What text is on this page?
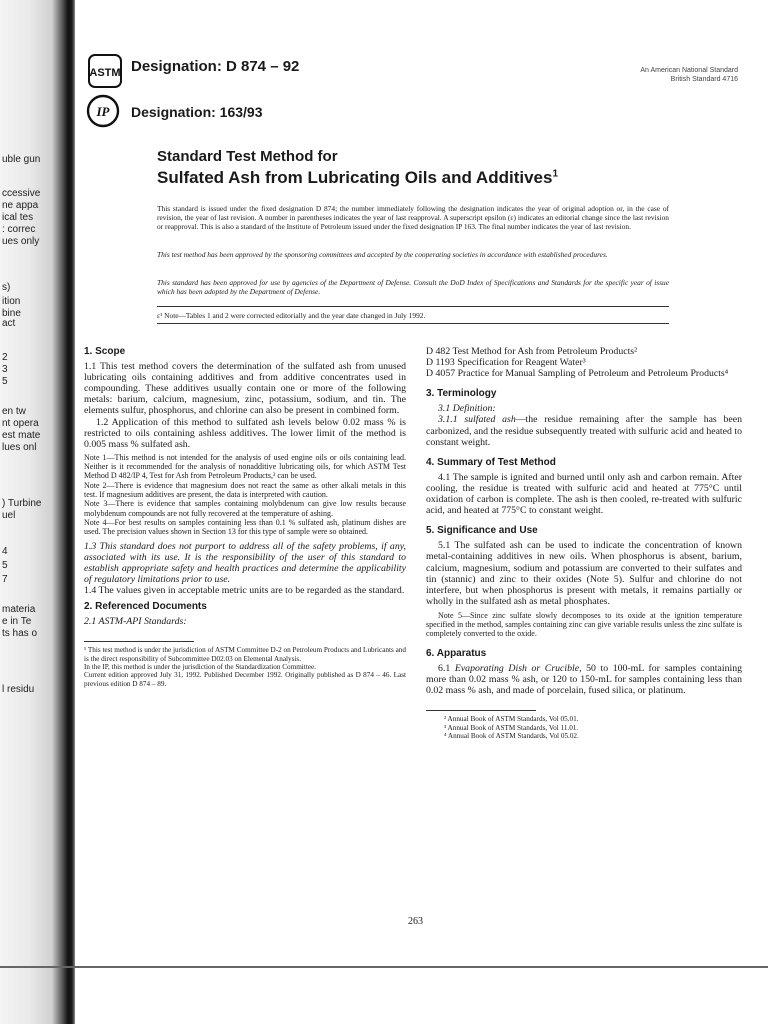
uble gun
ccessive
ne appa
ical tes
: correc
ues only
s)
ition
bine
act
2
3
5
en tw
nt opera
est mate
lues onl
) Turbine
uel
4
5
7
materia
e in Te
ts has o
l residu
ASTM Designation: D 874 – 92
IP Designation: 163/93
An American National Standard
British Standard 4716
Standard Test Method for
Sulfated Ash from Lubricating Oils and Additives$^1$
This standard is issued under the fixed designation D 874; the number immediately following the designation indicates the year of original adoption or, in the case of revision, the year of last revision. A number in parentheses indicates the year of last reapproval. A superscript epsilon (ε) indicates an editorial change since the last revision or reapproval. This is also a standard of the Institute of Petroleum issued under the fixed designation IP 163. The final number indicates the year of last revision.
This test method has been approved by the sponsoring committees and accepted by the cooperating societies in accordance with established procedures.
This standard has been approved for use by agencies of the Department of Defense. Consult the DoD Index of Specifications and Standards for the specific year of issue which has been adopted by the Department of Defense.
ε¹ Note—Tables 1 and 2 were corrected editorially and the year date changed in July 1992.
1. Scope

1.1 This test method covers the determination of the sulfated ash from unused lubricating oils containing additives and from additive concentrates used in compounding. These additives usually contain one or more of the following metals: barium, calcium, magnesium, zinc, potassium, sodium, and tin. The elements sulfur, phosphorus, and chlorine can also be present in combined form.

1.2 Application of this method to sulfated ash levels below 0.02 mass % is restricted to oils containing ashless additives. The lower limit of the method is 0.005 mass % sulfated ash.

Note 1—This method is not intended for the analysis of used engine oils or oils containing lead. Neither is it recommended for the analysis of nonadditive lubricating oils, for which ASTM Test Method D 482/IP 4, Test for Ash from Petroleum Products,² can be used.

Note 2—There is evidence that magnesium does not react the same as other alkali metals in this test. If magnesium additives are present, the data is interpreted with caution.

Note 3—There is evidence that samples containing molybdenum can give low results because molybdenum compounds are not fully recovered at the temperature of ashing.

Note 4—For best results on samples containing less than 0.1 % sulfated ash, platinum dishes are used. The precision values shown in Section 13 for this type of sample were so obtained.

1.3 This standard does not purport to address all of the safety problems, if any, associated with its use. It is the responsibility of the user of this standard to establish appropriate safety and health practices and determine the applicability of regulatory limitations prior to use.

1.4 The values given in acceptable metric units are to be regarded as the standard.

2. Referenced Documents

2.1 ASTM-API Standards:

¹ This test method is under the jurisdiction of ASTM Committee D-2 on Petroleum Products and Lubricants and is the direct responsibility of Subcommittee D02.03 on Elemental Analysis.

In the IP, this method is under the jurisdiction of the Standardization Committee.

Current edition approved July 31, 1992. Published December 1992. Originally published as D 874 – 46. Last previous edition D 874 – 89.

D 482 Test Method for Ash from Petroleum Products²

D 1193 Specification for Reagent Water³

D 4057 Practice for Manual Sampling of Petroleum and Petroleum Products⁴

3. Terminology

3.1 Definition:

3.1.1 sulfated ash—the residue remaining after the sample has been carbonized, and the residue subsequently treated with sulfuric acid and heated to constant weight.

4. Summary of Test Method

4.1 The sample is ignited and burned until only ash and carbon remain. After cooling, the residue is treated with sulfuric acid and heated at 775°C until oxidation of carbon is complete. The ash is then cooled, re-treated with sulfuric acid, and heated at 775°C to constant weight.

5. Significance and Use

5.1 The sulfated ash can be used to indicate the concentration of known metal-containing additives in new oils. When phosphorus is absent, barium, calcium, magnesium, sodium and potassium are converted to their sulfates and tin (stannic) and zinc to their oxides (Note 5). Sulfur and chlorine do not interfere, but when phosphorus is present with metals, it remains partially or wholly in the sulfated ash as metal phosphates.

Note 5—Since zinc sulfate slowly decomposes to its oxide at the ignition temperature specified in the method, samples containing zinc can give variable results unless the zinc sulfate is completely converted to the oxide.

6. Apparatus

6.1 Evaporating Dish or Crucible, 50 to 100-mL for samples containing more than 0.02 mass % ash, or 120 to 150-mL for samples containing less than 0.02 mass % ash, and made of porcelain, fused silica, or platinum.

² Annual Book of ASTM Standards, Vol 05.01.

³ Annual Book of ASTM Standards, Vol 11.01.

⁴ Annual Book of ASTM Standards, Vol 05.02.

263
